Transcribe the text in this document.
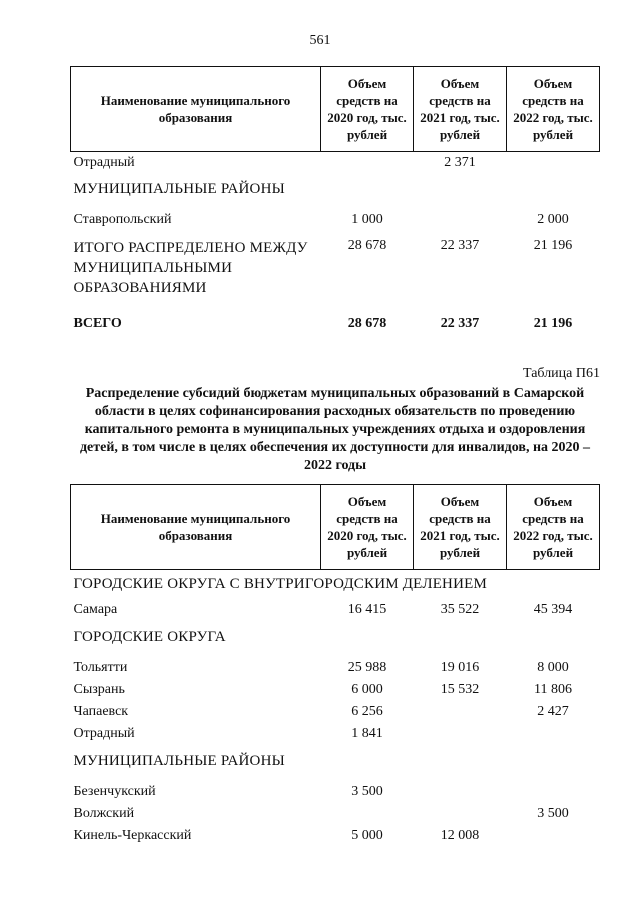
561
Наименование муниципального образования	Объем средств на 2020 год, тыс. рублей	Объем средств на 2021 год, тыс. рублей	Объем средств на 2022 год, тыс. рублей
Отрадный		2 371	
МУНИЦИПАЛЬНЫЕ РАЙОНЫ			
Ставропольский	1 000		2 000
ИТОГО РАСПРЕДЕЛЕНО МЕЖДУ МУНИЦИПАЛЬНЫМИ ОБРАЗОВАНИЯМИ	28 678	22 337	21 196
ВСЕГО	28 678	22 337	21 196
Таблица П61
Распределение субсидий бюджетам муниципальных образований в Самарской области в целях софинансирования расходных обязательств по проведению капитального ремонта в муниципальных учреждениях отдыха и оздоровления детей, в том числе в целях обеспечения их доступности для инвалидов, на 2020 – 2022 годы
Наименование муниципального образования	Объем средств на 2020 год, тыс. рублей	Объем средств на 2021 год, тыс. рублей	Объем средств на 2022 год, тыс. рублей
ГОРОДСКИЕ ОКРУГА С ВНУТРИГОРОДСКИМ ДЕЛЕНИЕМ			
Самара	16 415	35 522	45 394
ГОРОДСКИЕ ОКРУГА			
Тольятти	25 988	19 016	8 000
Сызрань	6 000	15 532	11 806
Чапаевск	6 256		2 427
Отрадный	1 841		
МУНИЦИПАЛЬНЫЕ РАЙОНЫ			
Безенчукский	3 500		
Волжский			3 500
Кинель-Черкасский	5 000	12 008	
